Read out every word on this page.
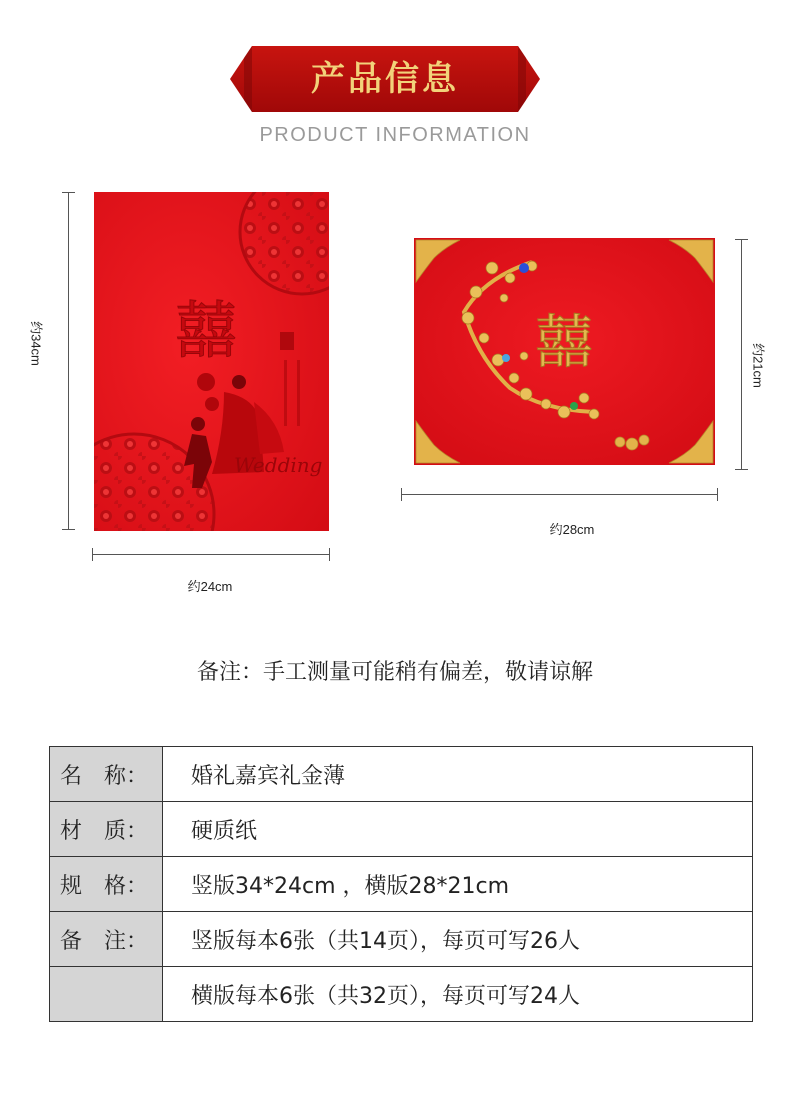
产品信息
PRODUCT INFORMATION
约34cm 囍
Wedding
约24cm
囍	约21cm
约28cm
备注：手工测量可能稍有偏差，敬请谅解
名　称：	婚礼嘉宾礼金薄
材　质：	硬质纸
规　格：	竖版34*24cm ，横版28*21cm
备　注：	竖版每本6张（共14页），每页可写26人
	横版每本6张（共32页），每页可写24人
